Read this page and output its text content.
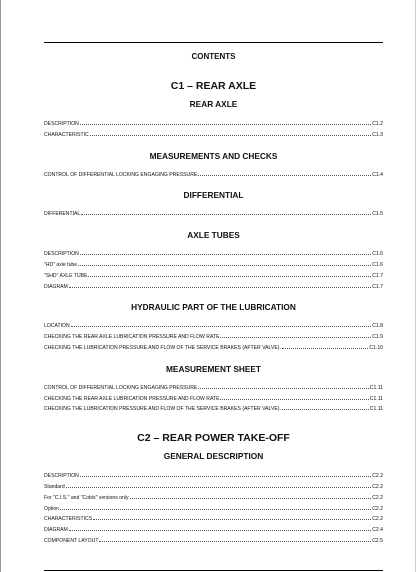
CONTENTS
C1 – REAR AXLE
REAR AXLE
DESCRIPTION	C1.2
CHARACTERISTIC	C1.3
MEASUREMENTS AND CHECKS
CONTROL OF DIFFERENTIAL LOCKING ENGAGING PRESSURE	C1.4
DIFFERENTIAL
DIFFERENTIAL	C1.5
AXLE TUBES
DESCRIPTION	C1.6
"HD" axle tube	C1.6
"SHD" AXLE TUBE	C1.7
DIAGRAM	C1.7
HYDRAULIC PART OF THE LUBRICATION
LOCATION	C1.8
CHECKING THE REAR AXLE LUBRICATION PRESSURE AND FLOW RATE	C1.9
CHECKING THE LUBRICATION PRESSURE AND FLOW OF THE SERVICE BRAKES (AFTER VALVE).	C1.10
MEASUREMENT SHEET
CONTROL OF DIFFERENTIAL LOCKING ENGAGING PRESSURE	C1.11
CHECKING THE REAR AXLE LUBRICATION PRESSURE AND FLOW RATE	C1.11
CHECKING THE LUBRICATION PRESSURE AND FLOW OF THE SERVICE BRAKES (AFTER VALVE).	C1.11
C2 – REAR POWER TAKE-OFF
GENERAL DESCRIPTION
DESCRIPTION	C2.2
Standard	C2.2
For "C.I.S." and "Cobis" versions only	C2.2
Option	C2.2
CHARACTERISTICS	C2.2
DIAGRAM	C2.4
COMPONENT LAYOUT	C2.5
